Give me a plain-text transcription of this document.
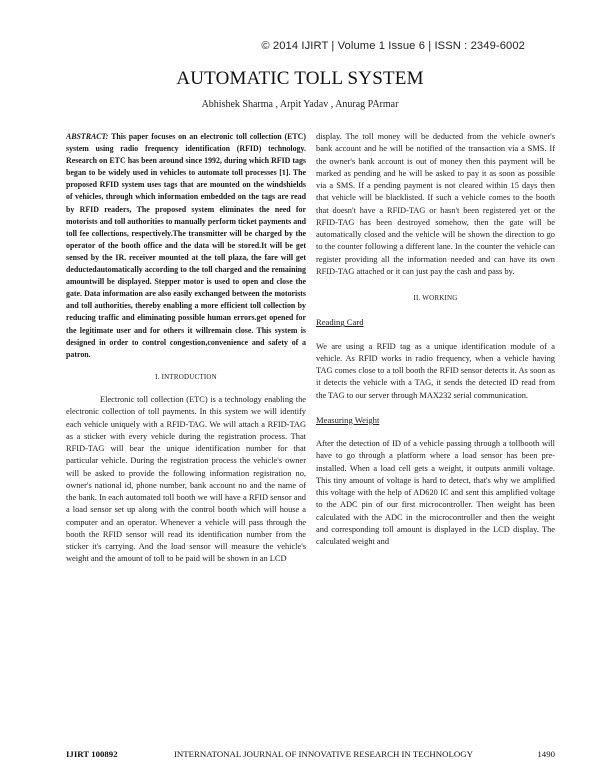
© 2014 IJIRT | Volume 1 Issue 6 | ISSN : 2349-6002
AUTOMATIC TOLL SYSTEM
Abhishek Sharma , Arpit Yadav , Anurag PArmar

ABSTRACT: This paper focuses on an electronic toll collection (ETC) system using radio frequency identification (RFID) technology. Research on ETC has been around since 1992, during which RFID tags began to be widely used in vehicles to automate toll processes [1]. The proposed RFID system uses tags that are mounted on the windshields of vehicles, through which information embedded on the tags are read by RFID readers, The proposed system eliminates the need for motorists and toll authorities to manually perform ticket payments and toll fee collections, respectively.The transmitter will be charged by the operator of the booth office and the data will be stored.It will be get sensed by the IR. receiver mounted at the toll plaza, the fare will get deductedautomatically according to the toll charged and the remaining amountwill be displayed. Stepper motor is used to open and close the gate. Data information are also easily exchanged between the motorists and toll authorities, thereby enabling a more efficient toll collection by reducing traffic and eliminating possible human errors.get opened for the legitimate user and for others it willremain close. This system is designed in order to control congestion,convenience and safety of a patron.

I. INTRODUCTION

Electronic toll collection (ETC) is a technology enabling the electronic collection of toll payments. In this system we will identify each vehicle uniquely with a RFID-TAG. We will attach a RFID-TAG as a sticker with every vehicle during the registration process. That RFID-TAG will bear the unique identification number for that particular vehicle. During the registration process the vehicle's owner will be asked to provide the following information registration no, owner's national id, phone number, bank account no and the name of the bank. In each automated toll booth we will have a RFID sensor and a load sensor set up along with the control booth which will house a computer and an operator. Whenever a vehicle will pass through the booth the RFID sensor will read its identification number from the sticker it's carrying. And the load sensor will measure the vehicle's weight and the amount of toll to be paid will be shown in an LCD

display. The toll money will be deducted from the vehicle owner's bank account and he will be notified of the transaction via a SMS. If the owner's bank account is out of money then this payment will be marked as pending and he will be asked to pay it as soon as possible via a SMS. If a pending payment is not cleared within 15 days then that vehicle will be blacklisted. If such a vehicle comes to the booth that doesn't have a RFID-TAG or hasn't been registered yet or the RFID-TAG has been destroyed somehow, then the gate will be automatically closed and the vehicle will be shown the direction to go to the counter following a different lane. In the counter the vehicle can register providing all the information needed and can have its own RFID-TAG attached or it can just pay the cash and pass by.

II. WORKING
Reading Card

We are using a RFID tag as a unique identification module of a vehicle. As RFID works in radio frequency, when a vehicle having TAG comes close to a toll booth the RFID sensor detects it. As soon as it detects the vehicle with a TAG, it sends the detected ID read from the TAG to our server through MAX232 serial communication.

Measuring Weight

After the detection of ID of a vehicle passing through a tollbooth will have to go through a platform where a load sensor has been pre-installed. When a load cell gets a weight, it outputs anmili voltage. This tiny amount of voltage is hard to detect, that's why we amplified this voltage with the help of AD620 IC and sent this amplified voltage to the ADC pin of our first microcontroller. Then weight has been calculated with the ADC in the microcontroller and then the weight and corresponding toll amount is displayed in the LCD display. The calculated weight and

IJIRT 100892	INTERNATONAL JOURNAL OF INNOVATIVE RESEARCH IN TECHNOLOGY	1490
